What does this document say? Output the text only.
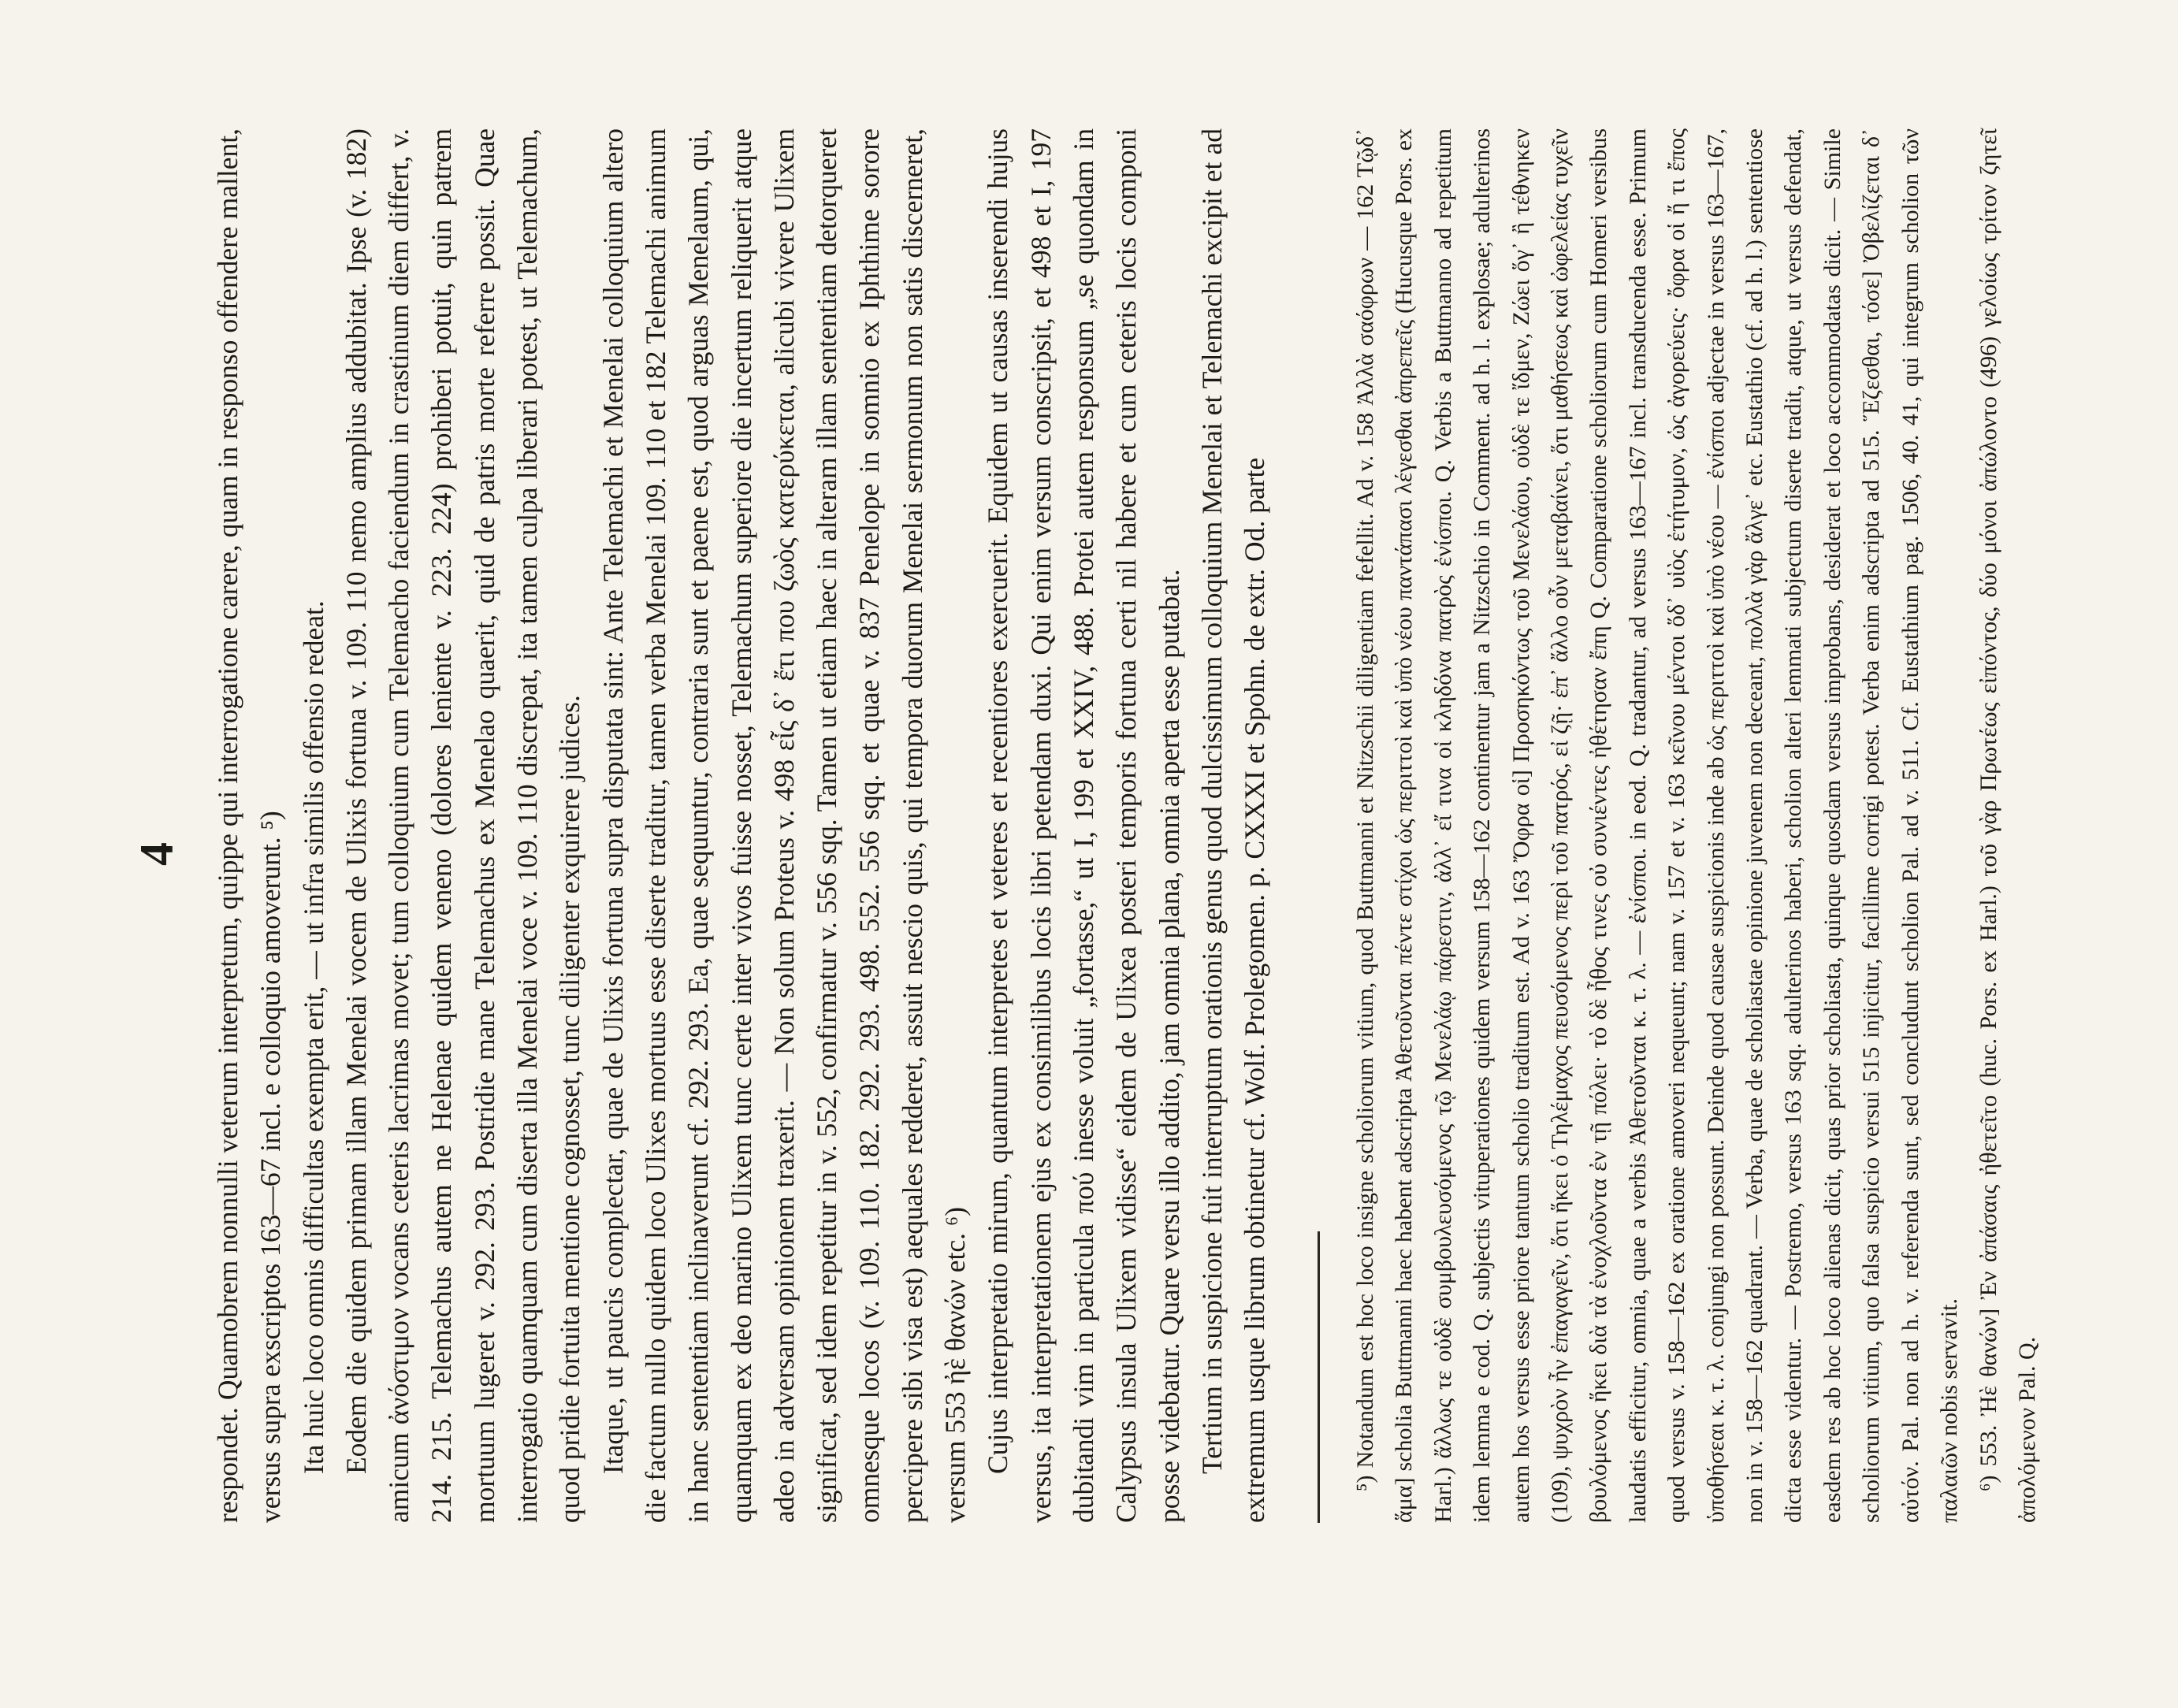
4 respondet. Quamobrem nonnulli veterum interpretum, quippe qui interrogatione carere, quam in responso offendere mallent, versus supra exscriptos 163—67 incl. e colloquio amoverunt. ⁵) Ita huic loco omnis difficultas exempta erit, — ut infra similis offensio redeat. Eodem die quidem primam illam Menelai vocem de Ulixis fortuna v. 109. 110 nemo amplius addubitat. Ipse (v. 182) amicum ἀνόστιμον vocans ceteris lacrimas movet; tum colloquium cum Telemacho faciendum in crastinum diem differt, v. 214. 215. Telemachus autem ne Helenae quidem veneno (dolores leniente v. 223. 224) prohiberi potuit, quin patrem mortuum lugeret v. 292. 293. Postridie mane Telemachus ex Menelao quaerit, quid de patris morte referre possit. Quae interrogatio quamquam cum diserta illa Menelai voce v. 109. 110 discrepat, ita tamen culpa liberari potest, ut Telemachum, quod pridie fortuita mentione cognosset, tunc diligenter exquirere judices. Itaque, ut paucis complectar, quae de Ulixis fortuna supra disputata sint: Ante Telemachi et Menelai colloquium altero die factum nullo quidem loco Ulixes mortuus esse diserte traditur, tamen verba Menelai 109. 110 et 182 Telemachi animum in hanc sententiam inclinaverunt cf. 292. 293. Ea, quae sequuntur, contraria sunt et paene est, quod arguas Menelaum, qui, quamquam ex deo marino Ulixem tunc certe inter vivos fuisse nosset, Telemachum superiore die incertum reliquerit atque adeo in adversam opinionem traxerit. — Non solum Proteus v. 498 εἷς δ᾽ ἔτι που ζωὸς κατερύκεται, alicubi vivere Ulixem significat, sed idem repetitur in v. 552, confirmatur v. 556 sqq. Tamen ut etiam haec in alteram illam sententiam detorqueret omnesque locos (v. 109. 110. 182. 292. 293. 498. 552. 556 sqq. et quae v. 837 Penelope in somnio ex Iphthime sorore percipere sibi visa est) aequales redderet, assuit nescio quis, qui tempora duorum Menelai sermonum non satis discerneret, versum 553 ἠὲ θανών etc. ⁶) Cujus interpretatio mirum, quantum interpretes et veteres et recentiores exercuerit. Equidem ut causas inserendi hujus versus, ita interpretationem ejus ex consimilibus locis libri petendam duxi. Qui enim versum conscripsit, et 498 et I, 197 dubitandi vim in particula πού inesse voluit „fortasse,“ ut I, 199 et XXIV, 488. Protei autem responsum „se quondam in Calypsus insula Ulixem vidisse“ eidem de Ulixea posteri temporis fortuna certi nil habere et cum ceteris locis componi posse videbatur. Quare versu illo addito, jam omnia plana, omnia aperta esse putabat. Tertium in suspicione fuit interruptum orationis genus quod dulcissimum colloquium Menelai et Telemachi excipit et ad extremum usque librum obtinetur cf. Wolf. Prolegomen. p. CXXXI et Spohn. de extr. Od. parte	⁵) Notandum est hoc loco insigne scholiorum vitium, quod Buttmanni et Nitzschii diligentiam fefellit. Ad v. 158 Ἀλλὰ σαόφρων — 162 Τῷδ᾽ ἅμα] scholia Buttmanni haec habent adscripta Ἀθετοῦνται πέντε στίχοι ὡς περιττοὶ καὶ ὑπὸ νέου παντάπασι λέγεσθαι ἀπρεπεῖς (Hucusque Pors. ex Harl.) ἄλλως τε οὐδὲ συμβουλευσόμενος τῷ Μενελάῳ πάρεστιν, ἀλλ᾽ εἴ τινα οἱ κληδόνα πατρὸς ἐνίσποι. Q. Verbis a Buttmanno ad repetitum idem lemma e cod. Q. subjectis vituperationes quidem versum 158—162 continentur jam a Nitzschio in Comment. ad h. l. explosae; adulterinos autem hos versus esse priore tantum scholio traditum est. Ad v. 163 Ὄφρα οἱ] Προσηκόντως τοῦ Μενελάου, οὐδὲ τε ἴδμεν, Ζώει ὅγ᾽ ἢ τέθνηκεν (109), ψυχρὸν ἦν ἐπαγαγεῖν, ὅτι ἥκει ὁ Τηλέμαχος πευσόμενος περὶ τοῦ πατρός, εἰ ζῇ· ἐπ᾽ ἄλλο οὖν μεταβαίνει, ὅτι μαθήσεως καὶ ὠφελείας τυχεῖν βουλόμενος ἥκει διὰ τὰ ἐνοχλοῦντα ἐν τῇ πόλει· τὸ δὲ ἦθος τινες οὐ συνιέντες ἠθέτησαν ἔπη Q. Comparatione scholiorum cum Homeri versibus laudatis efficitur, omnia, quae a verbis Ἀθετοῦνται κ. τ. λ. — ἐνίσποι. in eod. Q. tradantur, ad versus 163—167 incl. transducenda esse. Primum quod versus v. 158—162 ex oratione amoveri nequeunt; nam v. 157 et v. 163 κεῖνου μέντοι ὅδ᾽ υἱὸς ἐτήτυμον, ὡς ἀγορεύεις· ὄφρα οἱ ἤ τι ἔπος ὑποθήσεαι κ. τ. λ. conjungi non possunt. Deinde quod causae suspicionis inde ab ὡς περιττοὶ καὶ ὑπὸ νέου — ἐνίσποι adjectae in versus 163—167, non in v. 158—162 quadrant. — Verba, quae de scholiastae opinione juvenem non deceant, πολλὰ γὰρ ἄλγε᾽ etc. Eustathio (cf. ad h. l.) sententiose dicta esse videntur. — Postremo, versus 163 sqq. adulterinos haberi, scholion alteri lemmati subjectum diserte tradit, atque, ut versus defendat, easdem res ab hoc loco alienas dicit, quas prior scholiasta, quinque quosdam versus improbans, desiderat et loco accommodatas dicit. — Simile scholiorum vitium, quo falsa suspicio versui 515 injicitur, facillime corrigi potest. Verba enim adscripta ad 515. Ἕζεσθαι, τόσε] Ὀβελίζεται δ᾽ αὐτόν. Pal. non ad h. v. referenda sunt, sed concludunt scholion Pal. ad v. 511. Cf. Eustathium pag. 1506, 40. 41, qui integrum scholion τῶν παλαιῶν nobis servavit. ⁶) 553. Ἠὲ θανών] Ἐν ἀπάσαις ἠθετεῖτο (huc. Pors. ex Harl.) τοῦ γὰρ Πρωτέως εἰπόντος, δύο μόνοι ἀπώλοντο (496) γελοίως τρίτον ζητεῖ ἀπολόμενον Pal. Q.
